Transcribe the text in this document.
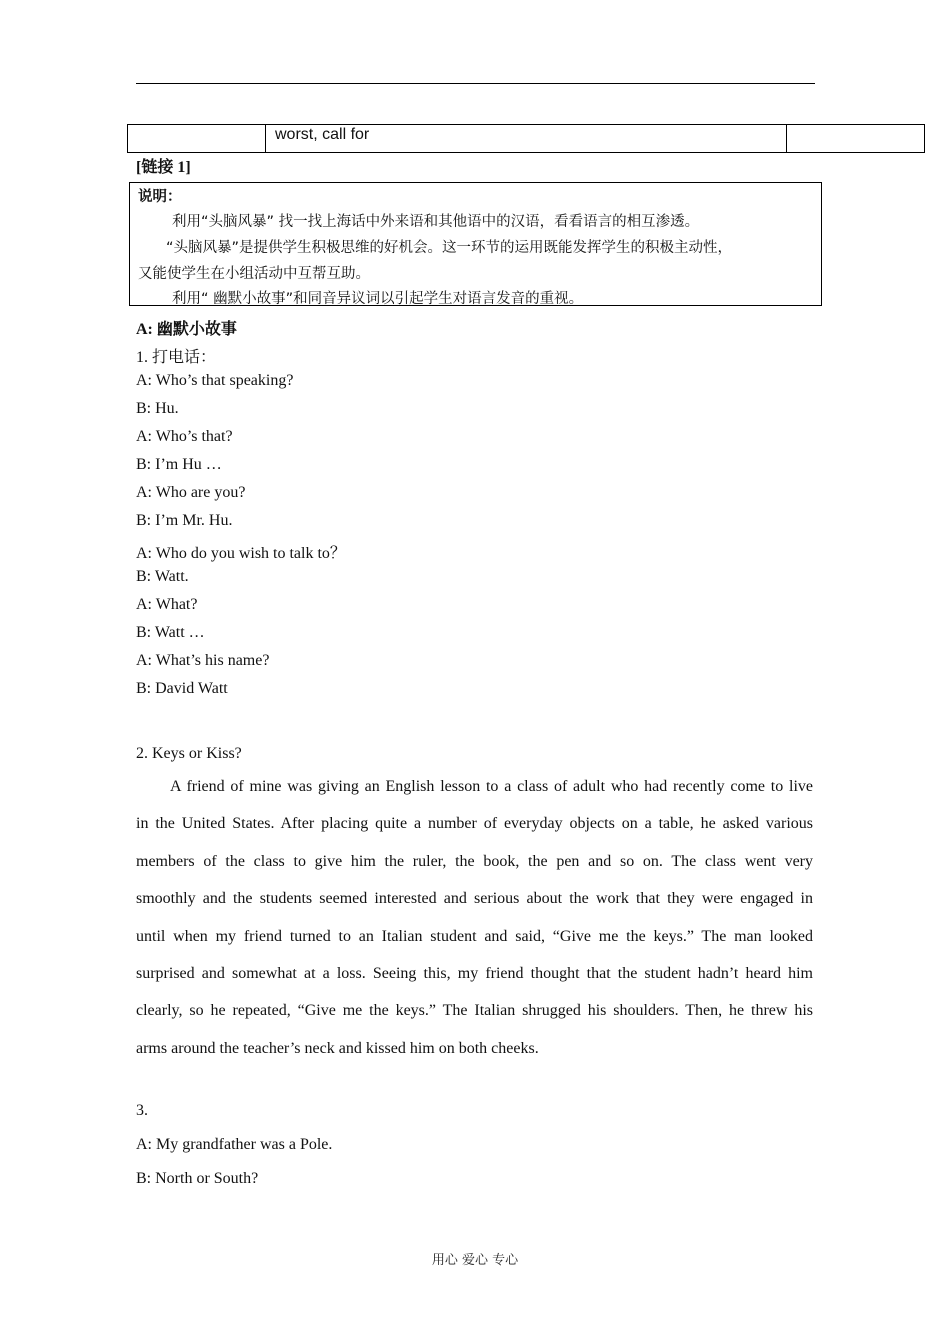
worst, call for
[链接 1]
说明：
利用“头脑风暴” 找一找上海话中外来语和其他语中的汉语，看看语言的相互渗透。
“头脑风暴”是提供学生积极思维的好机会。这一环节的运用既能发挥学生的积极主动性，
又能使学生在小组活动中互帮互助。
利用“ 幽默小故事”和同音异议词以引起学生对语言发音的重视。
A: 幽默小故事
1. 打电话：
A: Who’s that speaking?
B: Hu.
A: Who’s that?
B: I’m Hu …
A: Who are you?
B: I’m Mr. Hu.
A: Who do you wish to talk to？
B: Watt.
A: What?
B: Watt …
A: What’s his name?
B: David Watt
2. Keys or Kiss?
A friend of mine was giving an English lesson to a class of adult who had recently come to live
in the United States. After placing quite a number of everyday objects on a table, he asked various
members of the class to give him the ruler, the book, the pen and so on. The class went very
smoothly and the students seemed interested and serious about the work that they were engaged in
until when my friend turned to an Italian student and said, “Give me the keys.” The man looked
surprised and somewhat at a loss. Seeing this, my friend thought that the student hadn’t heard him
clearly, so he repeated, “Give me the keys.” The Italian shrugged his shoulders. Then, he threw his
arms around the teacher’s neck and kissed him on both cheeks.
3.
A: My grandfather was a Pole.
B: North or South?
用心 爱心 专心
